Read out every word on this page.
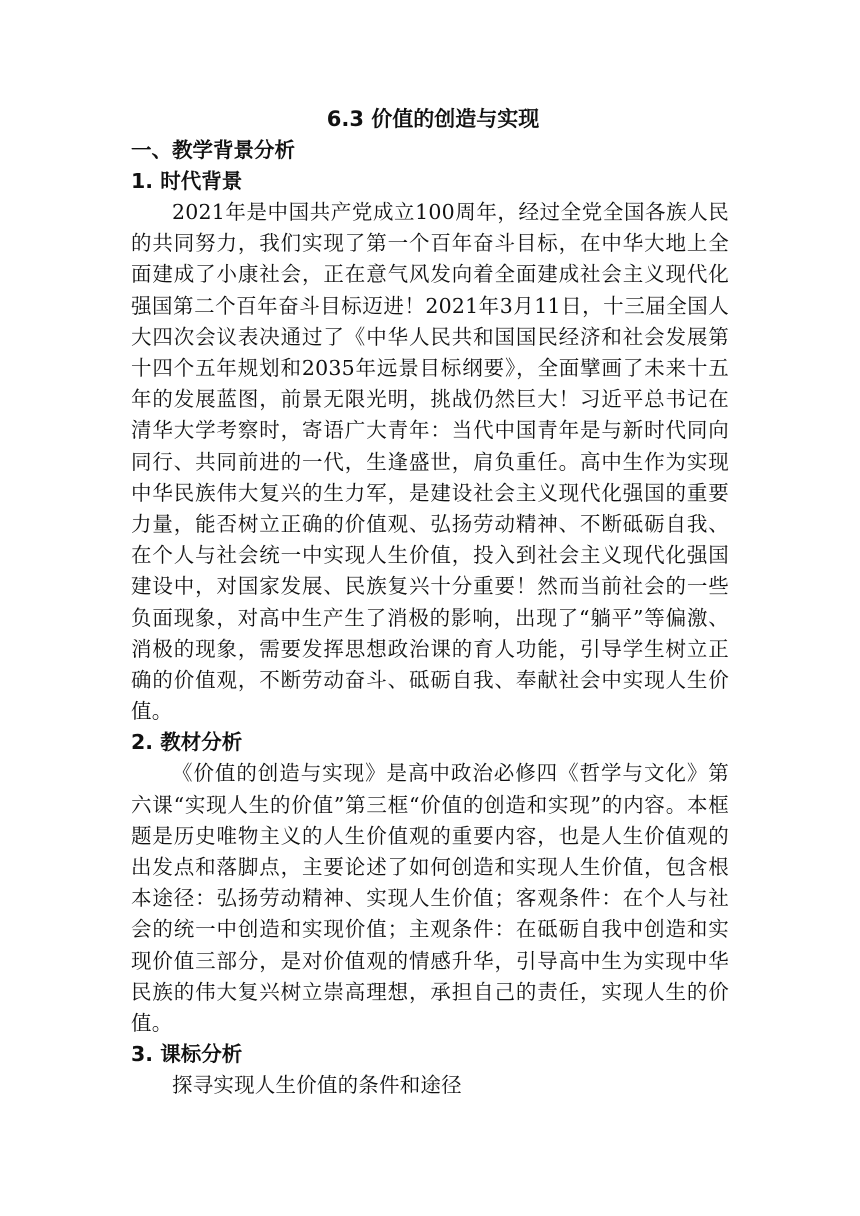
6.3 价值的创造与实现

一、教学背景分析

1. 时代背景

2021年是中国共产党成立100周年，经过全党全国各族人民的共同努力，我们实现了第一个百年奋斗目标，在中华大地上全面建成了小康社会，正在意气风发向着全面建成社会主义现代化强国第二个百年奋斗目标迈进！2021年3月11日，十三届全国人大四次会议表决通过了《中华人民共和国国民经济和社会发展第十四个五年规划和2035年远景目标纲要》，全面擘画了未来十五年的发展蓝图，前景无限光明，挑战仍然巨大！习近平总书记在清华大学考察时，寄语广大青年：当代中国青年是与新时代同向同行、共同前进的一代，生逢盛世，肩负重任。高中生作为实现中华民族伟大复兴的生力军，是建设社会主义现代化强国的重要力量，能否树立正确的价值观、弘扬劳动精神、不断砥砺自我、在个人与社会统一中实现人生价值，投入到社会主义现代化强国建设中，对国家发展、民族复兴十分重要！然而当前社会的一些负面现象，对高中生产生了消极的影响，出现了“躺平”等偏激、消极的现象，需要发挥思想政治课的育人功能，引导学生树立正确的价值观，不断劳动奋斗、砥砺自我、奉献社会中实现人生价值。

2. 教材分析

《价值的创造与实现》是高中政治必修四《哲学与文化》第六课“实现人生的价值”第三框“价值的创造和实现”的内容。本框题是历史唯物主义的人生价值观的重要内容，也是人生价值观的出发点和落脚点，主要论述了如何创造和实现人生价值，包含根本途径：弘扬劳动精神、实现人生价值；客观条件：在个人与社会的统一中创造和实现价值；主观条件：在砥砺自我中创造和实现价值三部分，是对价值观的情感升华，引导高中生为实现中华民族的伟大复兴树立崇高理想，承担自己的责任，实现人生的价值。

3. 课标分析

探寻实现人生价值的条件和途径
